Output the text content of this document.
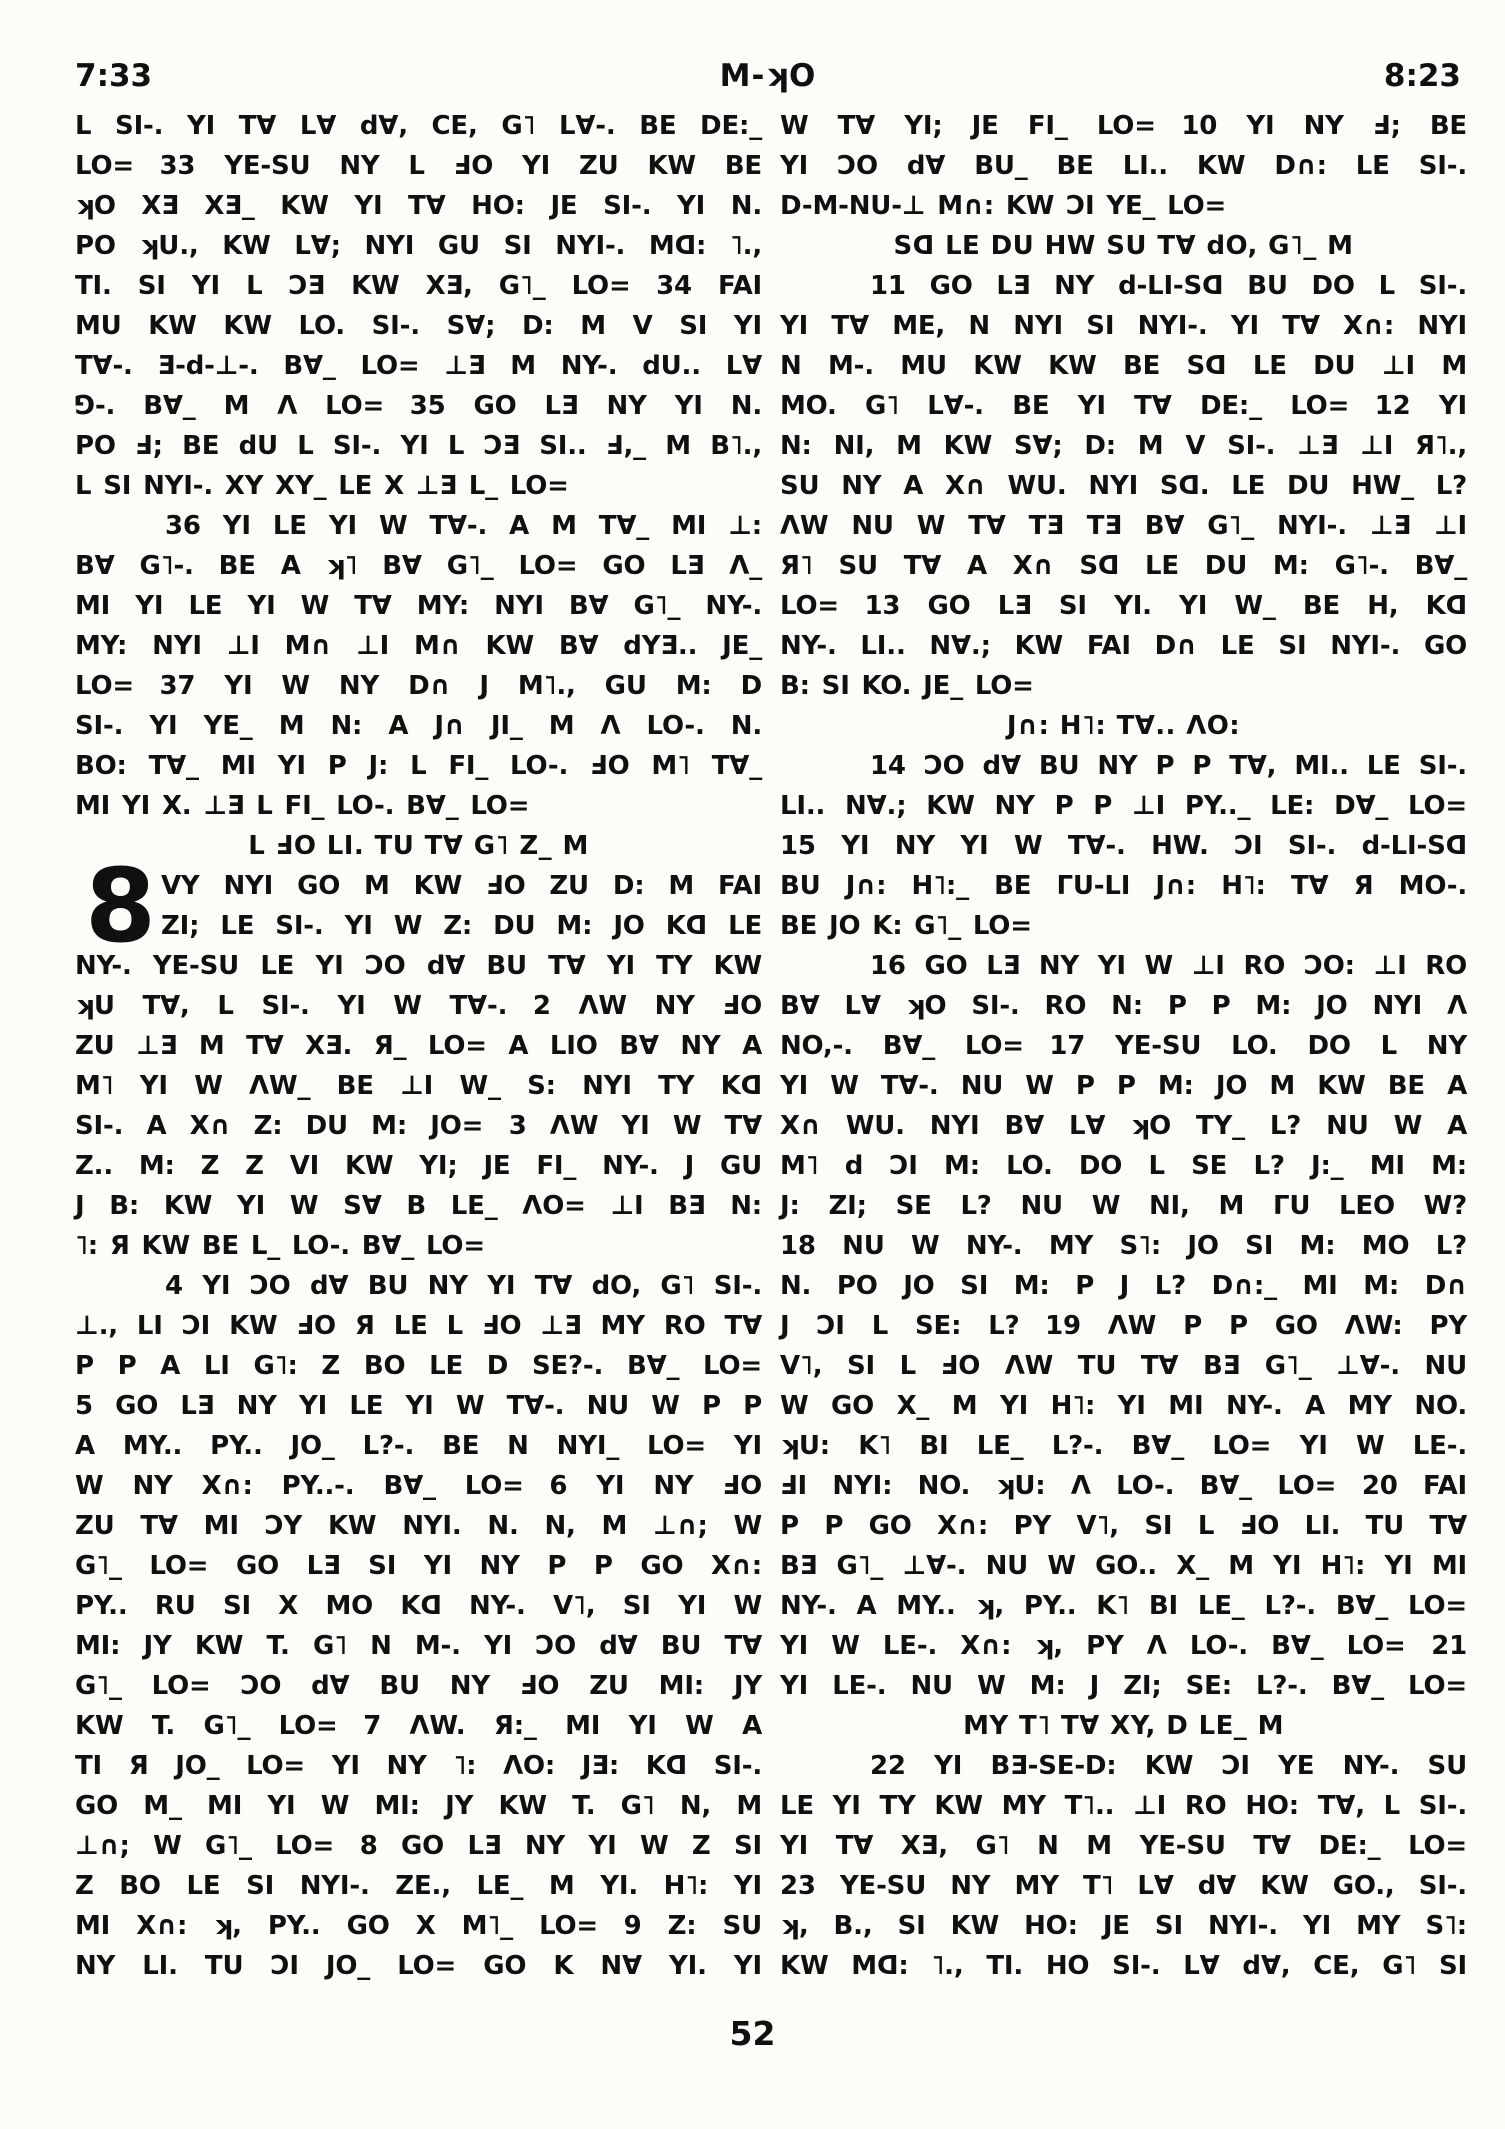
7:33	M-ʞO	8:23
L SI-. YI T∀ L∀ d∀, CE, G˥ L∀-. BE DE:_
LO=  33 YE-SU NY L ℲO YI ZU KW BE
ʞO XƎ XƎ_ KW YI T∀ HO: JE SI-. YI N.
PO ʞU., KW L∀; NYI GU SI NYI-. Mᗡ: ˥.,
TI. SI YI L ƆƎ KW XƎ, G˥_ LO=  34 FAI
MU KW KW LO. SI-. S∀; D: M V SI YI
T∀-. Ǝ-d-⊥-. B∀_ LO= ⊥Ǝ M NY-. dU.. L∀
⅁-. B∀_ M Λ LO=  35 GO LƎ NY YI N.
PO Ⅎ; BE dU L SI-. YI L ƆƎ SI.. Ⅎ,_ M B˥.,
L SI NYI-. XY XY_ LE X ⊥Ǝ L_ LO=
36 YI LE YI W T∀-. A M T∀_ MI ⊥:
B∀ G˥-. BE A ʞ˥ B∀ G˥_ LO= GO LƎ Λ_
MI YI LE YI W T∀ MY: NYI B∀ G˥_ NY-.
MY: NYI ⊥I M∩ ⊥I M∩ KW B∀ dYƎ.. JE_
LO=  37 YI W NY D∩ J M˥., GU M: D
SI-. YI YE_ M N: A J∩ JI_ M Λ LO-. N.
BO: T∀_ MI YI P J: L FI_ LO-. ℲO M˥ T∀_
MI YI X. ⊥Ǝ L FI_ LO-. B∀_ LO=
L ℲO LI. TU T∀ G˥ Z_ M
8 VY NYI GO M KW ℲO ZU D: M FAI
ZI; LE SI-. YI W Z: DU M: JO Kᗡ LE
NY-. YE-SU LE YI ƆO d∀ BU T∀ YI TY KW
ʞU T∀, L SI-. YI W T∀-.  2 ΛW NY ℲO
ZU ⊥Ǝ M T∀ XƎ. Я_ LO= A LIO B∀ NY A
M˥ YI W ΛW_ BE ⊥I W_ S: NYI TY Kᗡ
SI-. A X∩ Z: DU M: JO=  3 ΛW YI W T∀
Z.. M: Z Z VI KW YI; JE FI_ NY-. J GU
J B: KW YI W S∀ B LE_ ΛO= ⊥I BƎ N:
˥: Я KW BE L_ LO-. B∀_ LO=
4 YI ƆO d∀ BU NY YI T∀ dO, G˥ SI-.
⊥., LI ƆI KW ℲO Я LE L ℲO ⊥Ǝ MY RO T∀
P P A LI G˥: Z BO LE D SE?-. B∀_ LO=
5 GO LƎ NY YI LE YI W T∀-. NU W P P
A MY.. PY.. JO_ L?-. BE N NYI_ LO= YI
W NY X∩: PY..-. B∀_ LO=  6 YI NY ℲO
ZU T∀ MI ƆY KW NYI. N. N, M ⊥∩; W
G˥_ LO= GO LƎ SI YI NY P P GO X∩:
PY.. RU SI X MO Kᗡ NY-. V˥, SI YI W
MI: JY KW T. G˥ N M-. YI ƆO d∀ BU T∀
G˥_ LO= ƆO d∀ BU NY ℲO ZU MI: JY
KW T. G˥_ LO=  7 ΛW. Я:_ MI YI W A
TI Я JO_ LO= YI NY ˥: ΛO: JƎ: Kᗡ SI-.
GO M_ MI YI W MI: JY KW T. G˥ N, M
⊥∩; W G˥_ LO=  8 GO LƎ NY YI W Z SI
Z BO LE SI NYI-. ZE., LE_ M YI. H˥: YI
MI X∩: ʞ, PY.. GO X M˥_ LO=  9 Z: SU
NY LI. TU ƆI JO_ LO= GO K N∀ YI. YI
W T∀ YI; JE FI_ LO=  10 YI NY Ⅎ; BE
YI ƆO d∀ BU_ BE LI.. KW D∩: LE SI-.
D-M-NU-⊥ M∩: KW ƆI YE_ LO=
Sᗡ LE DU HW SU T∀ dO, G˥_ M
11 GO LƎ NY d-LI-Sᗡ BU DO L SI-.
YI T∀ ME, N NYI SI NYI-. YI T∀ X∩: NYI
N M-. MU KW KW BE Sᗡ LE DU ⊥I M
MO. G˥ L∀-. BE YI T∀ DE:_ LO=  12 YI
N: NI, M KW S∀; D: M V SI-. ⊥Ǝ ⊥I Я˥.,
SU NY A X∩ WU. NYI Sᗡ. LE DU HW_ L?
ΛW NU W T∀ TƎ TƎ B∀ G˥_ NYI-. ⊥Ǝ ⊥I
Я˥ SU T∀ A X∩ Sᗡ LE DU M: G˥-. B∀_
LO=  13 GO LƎ SI YI. YI W_ BE H, Kᗡ
NY-. LI.. N∀.; KW FAI D∩ LE SI NYI-. GO
B: SI KO. JE_ LO=
J∩: H˥: T∀.. ΛO:
14 ƆO d∀ BU NY P P T∀, MI.. LE SI-.
LI.. N∀.; KW NY P P ⊥I PY.._ LE: D∀_ LO=
15 YI NY YI W T∀-. HW. ƆI SI-. d-LI-Sᗡ
BU J∩: H˥:_ BE ΓU-LI J∩: H˥: T∀ Я MO-.
BE JO K: G˥_ LO=
16 GO LƎ NY YI W ⊥I RO ƆO: ⊥I RO
B∀ L∀ ʞO SI-. RO N: P P M: JO NYI Λ
NO,-. B∀_ LO=  17 YE-SU LO. DO L NY
YI W T∀-. NU W P P M: JO M KW BE A
X∩ WU. NYI B∀ L∀ ʞO TY_ L? NU W A
M˥ d ƆI M: LO. DO L SE L? J:_ MI M:
J: ZI; SE L? NU W NI, M ΓU LEO W?
18 NU W NY-. MY S˥: JO SI M: MO L?
N. PO JO SI M: P J L? D∩:_ MI M: D∩
J ƆI L SE: L?  19 ΛW P P GO ΛW: PY
V˥, SI L ℲO ΛW TU T∀ BƎ G˥_ ⊥∀-. NU
W GO X_ M YI H˥: YI MI NY-. A MY NO.
ʞU: K˥ BI LE_ L?-. B∀_ LO= YI W LE-.
ℲI NYI: NO. ʞU: Λ LO-. B∀_ LO=  20 FAI
P P GO X∩: PY V˥, SI L ℲO LI. TU T∀
BƎ G˥_ ⊥∀-. NU W GO.. X_ M YI H˥: YI MI
NY-. A MY.. ʞ, PY.. K˥ BI LE_ L?-. B∀_ LO=
YI W LE-. X∩: ʞ, PY Λ LO-. B∀_ LO=  21
YI LE-. NU W M: J ZI; SE: L?-. B∀_ LO=
MY T˥ T∀ XY, D LE_ M
22 YI BƎ-SE-D: KW ƆI YE NY-. SU
LE YI TY KW MY T˥.. ⊥I RO HO: T∀, L SI-.
YI T∀ XƎ, G˥ N M YE-SU T∀ DE:_ LO=
23 YE-SU NY MY T˥ L∀ d∀ KW GO., SI-.
ʞ, B., SI KW HO: JE SI NYI-. YI MY S˥:
KW Mᗡ: ˥., TI. HO SI-. L∀ d∀, CE, G˥ SI
52
